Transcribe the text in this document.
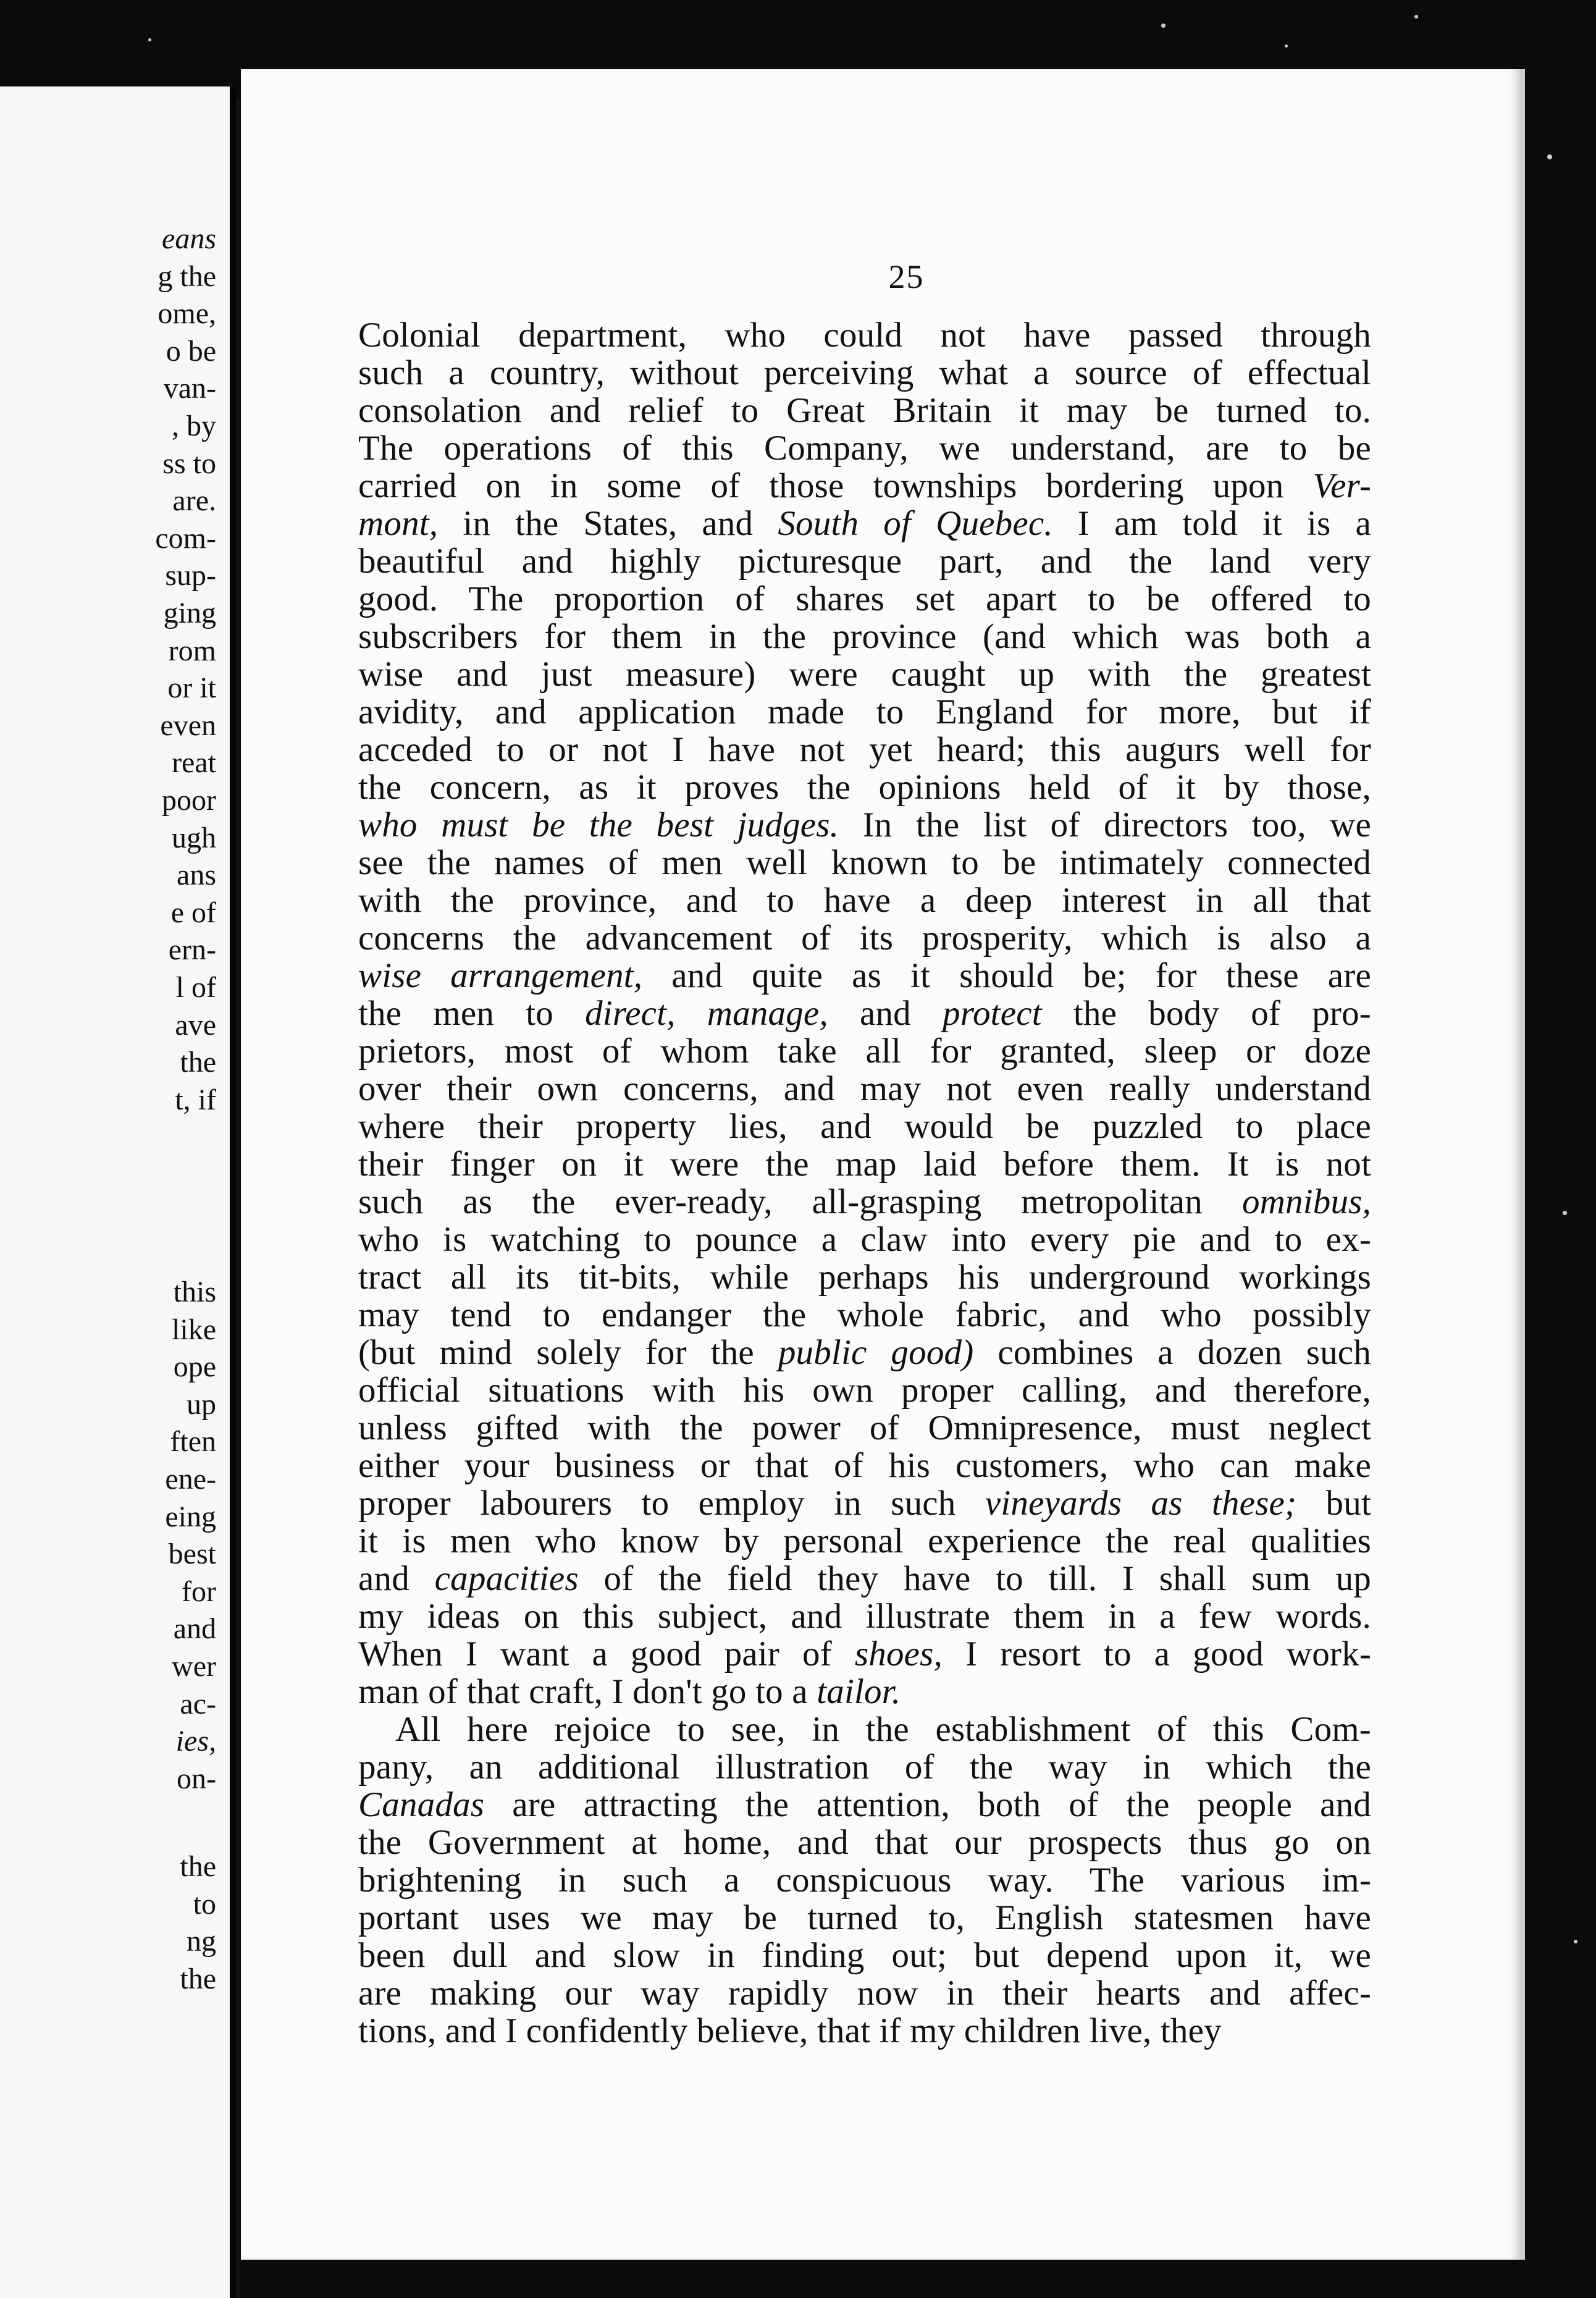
eans
g the
ome,
o be
van-
, by
ss to
are.
com-
sup-
ging
rom
or it
even
reat
poor
ugh
ans
e of
ern-
l of
ave
the
t, if
this
like
ope
up
ften
ene-
eing
best
for
and
wer
ac-
ies,
on-
the
to
ng
the
25
Colonial department, who could not have passed through
such a country, without perceiving what a source of effectual
consolation and relief to Great Britain it may be turned to.
The operations of this Company, we understand, are to be
carried on in some of those townships bordering upon Ver-
mont, in the States, and South of Quebec. I am told it is a
beautiful and highly picturesque part, and the land very
good. The proportion of shares set apart to be offered to
subscribers for them in the province (and which was both a
wise and just measure) were caught up with the greatest
avidity, and application made to England for more, but if
acceded to or not I have not yet heard; this augurs well for
the concern, as it proves the opinions held of it by those,
who must be the best judges. In the list of directors too, we
see the names of men well known to be intimately connected
with the province, and to have a deep interest in all that
concerns the advancement of its prosperity, which is also a
wise arrangement, and quite as it should be; for these are
the men to direct, manage, and protect the body of pro-
prietors, most of whom take all for granted, sleep or doze
over their own concerns, and may not even really understand
where their property lies, and would be puzzled to place
their finger on it were the map laid before them. It is not
such as the ever-ready, all-grasping metropolitan omnibus,
who is watching to pounce a claw into every pie and to ex-
tract all its tit-bits, while perhaps his underground workings
may tend to endanger the whole fabric, and who possibly
(but mind solely for the public good) combines a dozen such
official situations with his own proper calling, and therefore,
unless gifted with the power of Omnipresence, must neglect
either your business or that of his customers, who can make
proper labourers to employ in such vineyards as these; but
it is men who know by personal experience the real qualities
and capacities of the field they have to till. I shall sum up
my ideas on this subject, and illustrate them in a few words.
When I want a good pair of shoes, I resort to a good work-
man of that craft, I don't go to a tailor.
All here rejoice to see, in the establishment of this Com-
pany, an additional illustration of the way in which the
Canadas are attracting the attention, both of the people and
the Government at home, and that our prospects thus go on
brightening in such a conspicuous way. The various im-
portant uses we may be turned to, English statesmen have
been dull and slow in finding out; but depend upon it, we
are making our way rapidly now in their hearts and affec-
tions, and I confidently believe, that if my children live, they
